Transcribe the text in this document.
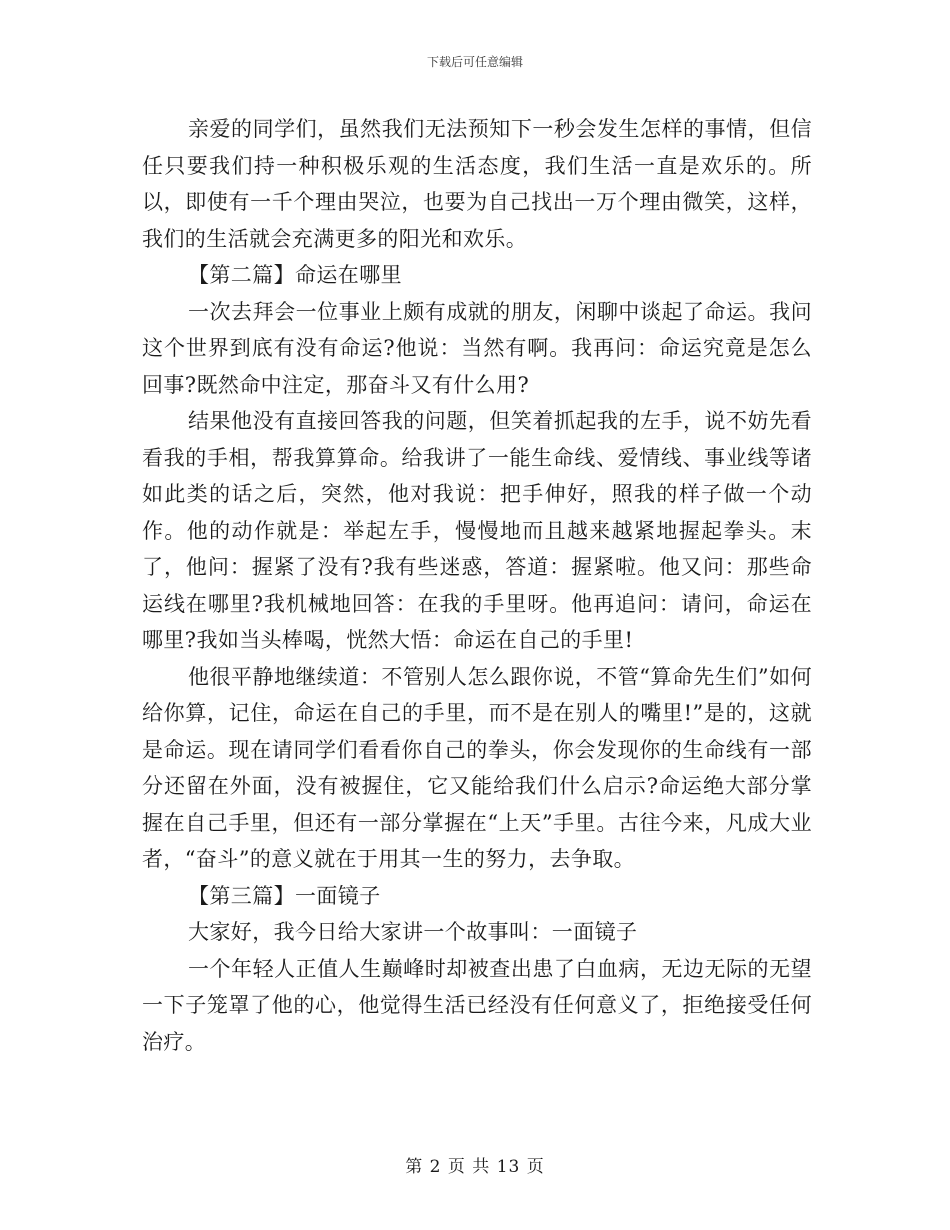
下载后可任意编辑

亲爱的同学们，虽然我们无法预知下一秒会发生怎样的事情，但信任只要我们持一种积极乐观的生活态度，我们生活一直是欢乐的。所以，即使有一千个理由哭泣，也要为自己找出一万个理由微笑，这样，我们的生活就会充满更多的阳光和欢乐。

【第二篇】命运在哪里

一次去拜会一位事业上颇有成就的朋友，闲聊中谈起了命运。我问这个世界到底有没有命运?他说：当然有啊。我再问：命运究竟是怎么回事?既然命中注定，那奋斗又有什么用?

结果他没有直接回答我的问题，但笑着抓起我的左手，说不妨先看看我的手相，帮我算算命。给我讲了一能生命线、爱情线、事业线等诸如此类的话之后，突然，他对我说：把手伸好，照我的样子做一个动作。他的动作就是：举起左手，慢慢地而且越来越紧地握起拳头。末了，他问：握紧了没有?我有些迷惑，答道：握紧啦。他又问：那些命运线在哪里?我机械地回答：在我的手里呀。他再追问：请问，命运在哪里?我如当头棒喝，恍然大悟：命运在自己的手里!

他很平静地继续道：不管别人怎么跟你说，不管“算命先生们”如何给你算，记住，命运在自己的手里，而不是在别人的嘴里!”是的，这就是命运。现在请同学们看看你自己的拳头，你会发现你的生命线有一部分还留在外面，没有被握住，它又能给我们什么启示?命运绝大部分掌握在自己手里，但还有一部分掌握在“上天”手里。古往今来，凡成大业者，“奋斗”的意义就在于用其一生的努力，去争取。

【第三篇】一面镜子

大家好，我今日给大家讲一个故事叫：一面镜子

一个年轻人正值人生巅峰时却被查出患了白血病，无边无际的无望一下子笼罩了他的心，他觉得生活已经没有任何意义了，拒绝接受任何治疗。

第 2 页 共 13 页
